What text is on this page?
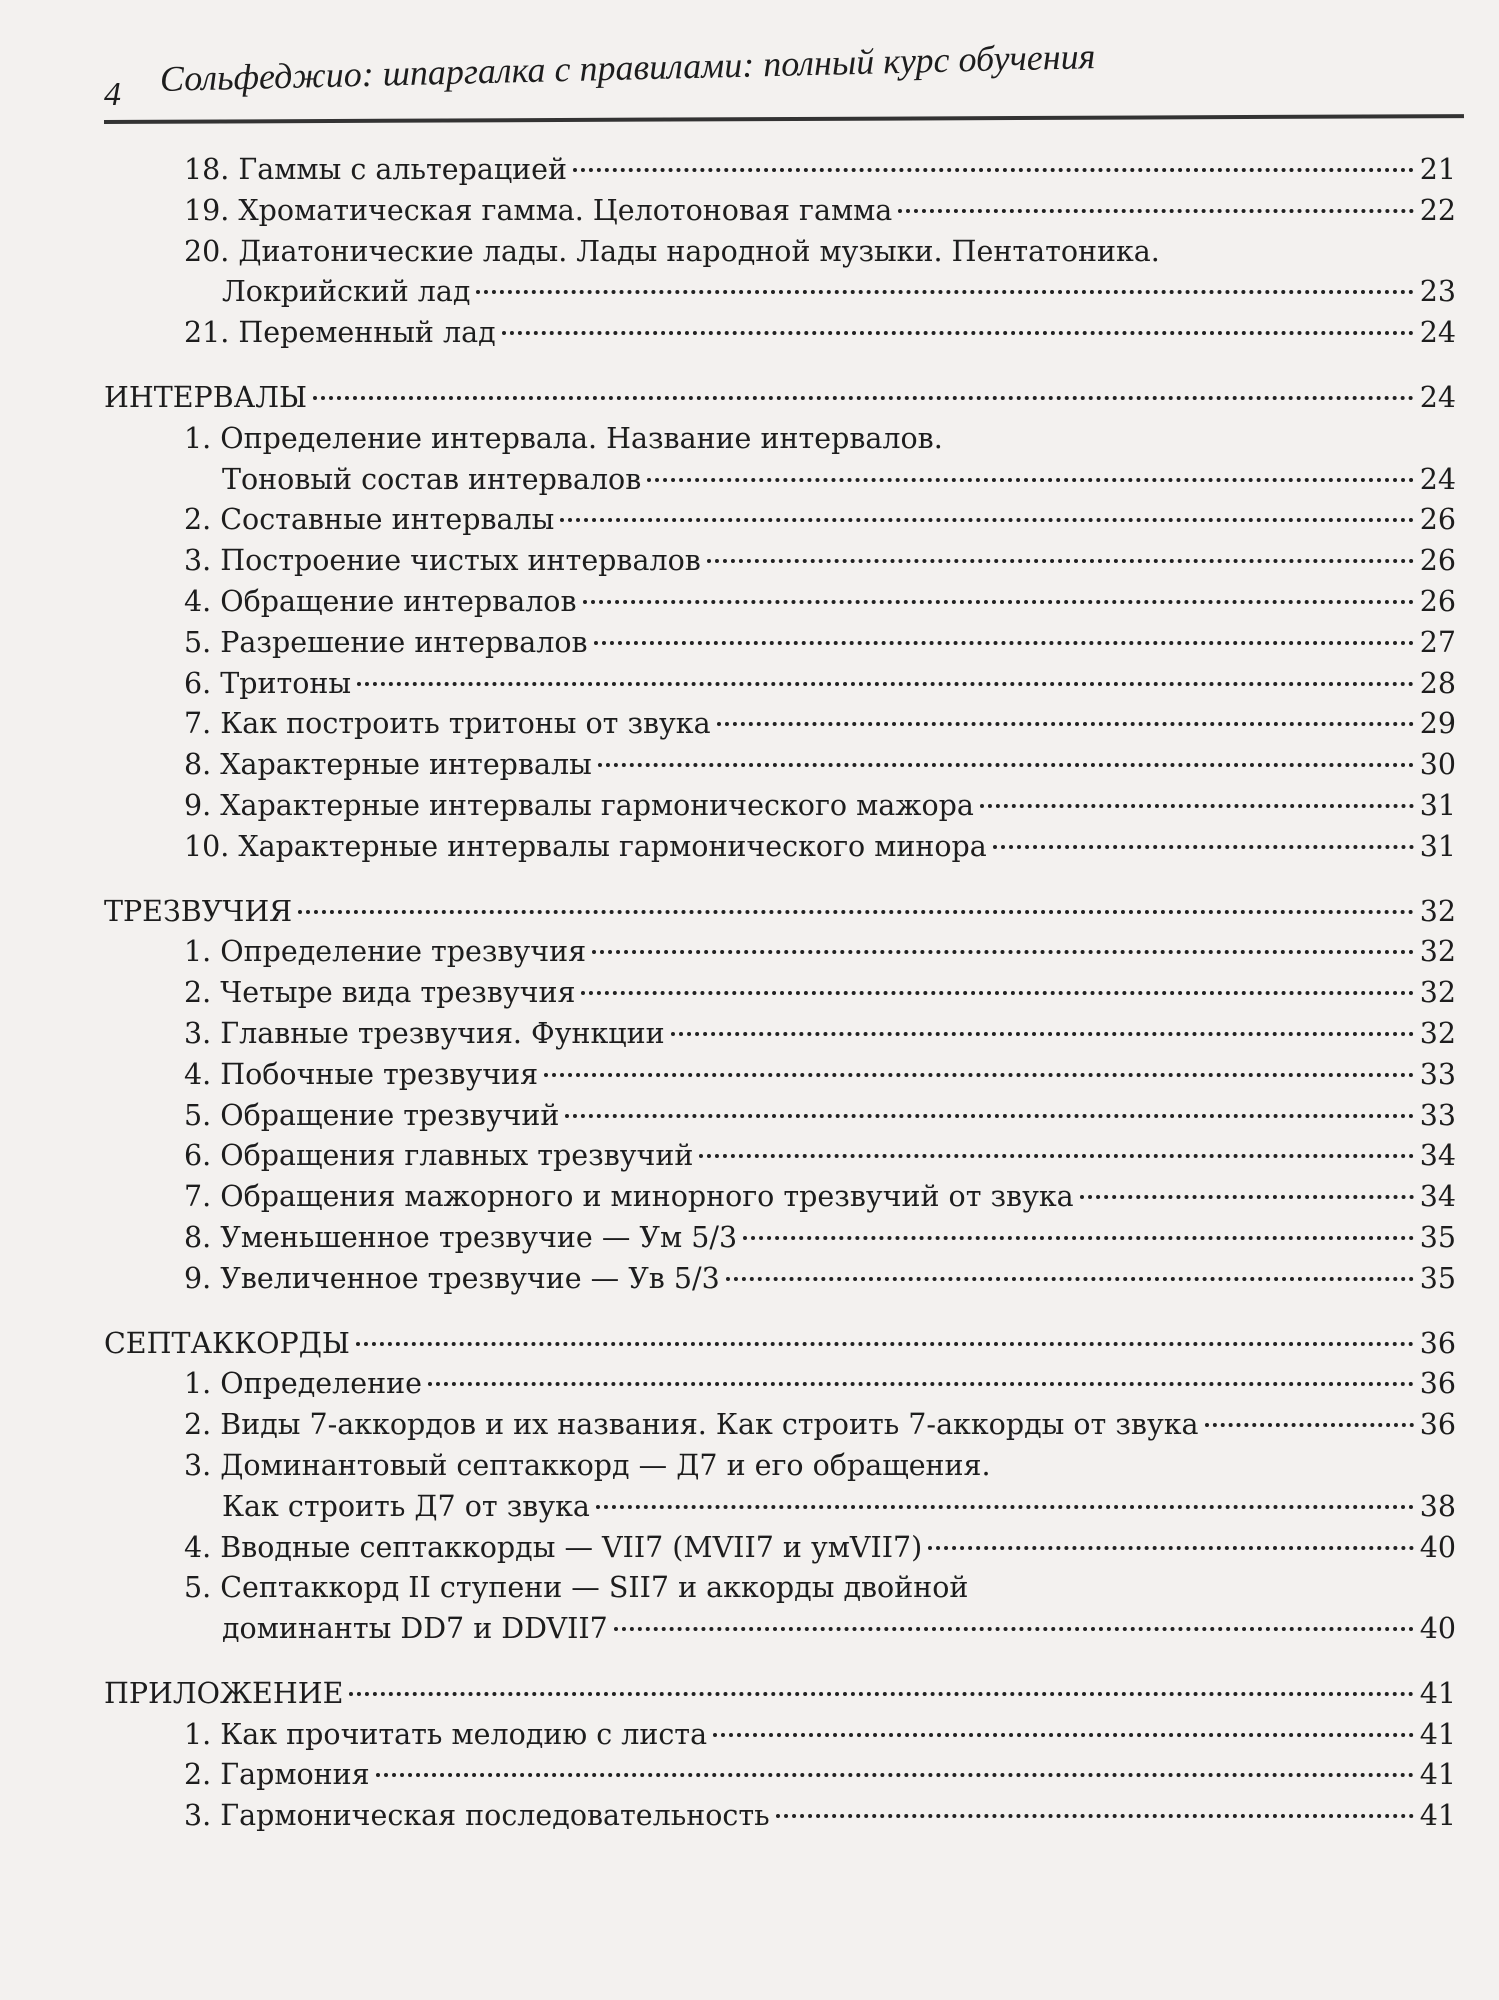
4 Сольфеджио: шпаргалка с правилами: полный курс обучения
18. Гаммы с альтерацией	21
19. Хроматическая гамма. Целотоновая гамма	22
20. Диатонические лады. Лады народной музыки. Пентатоника.
Локрийский лад	23
21. Переменный лад	24
ИНТЕРВАЛЫ	24
1. Определение интервала. Название интервалов.
Тоновый состав интервалов	24
2. Составные интервалы	26
3. Построение чистых интервалов	26
4. Обращение интервалов	26
5. Разрешение интервалов	27
6. Тритоны	28
7. Как построить тритоны от звука	29
8. Характерные интервалы	30
9. Характерные интервалы гармонического мажора	31
10. Характерные интервалы гармонического минора	31
ТРЕЗВУЧИЯ	32
1. Определение трезвучия	32
2. Четыре вида трезвучия	32
3. Главные трезвучия. Функции	32
4. Побочные трезвучия	33
5. Обращение трезвучий	33
6. Обращения главных трезвучий	34
7. Обращения мажорного и минорного трезвучий от звука	34
8. Уменьшенное трезвучие — Ум 5/3	35
9. Увеличенное трезвучие — Ув 5/3	35
СЕПТАККОРДЫ	36
1. Определение	36
2. Виды 7-аккордов и их названия. Как строить 7-аккорды от звука	36
3. Доминантовый септаккорд — Д7 и его обращения.
Как строить Д7 от звука	38
4. Вводные септаккорды — VII7 (MVII7 и умVII7)	40
5. Септаккорд II ступени — SII7 и аккорды двойной
доминанты DD7 и DDVII7	40
ПРИЛОЖЕНИЕ	41
1. Как прочитать мелодию с листа	41
2. Гармония	41
3. Гармоническая последовательность	41
